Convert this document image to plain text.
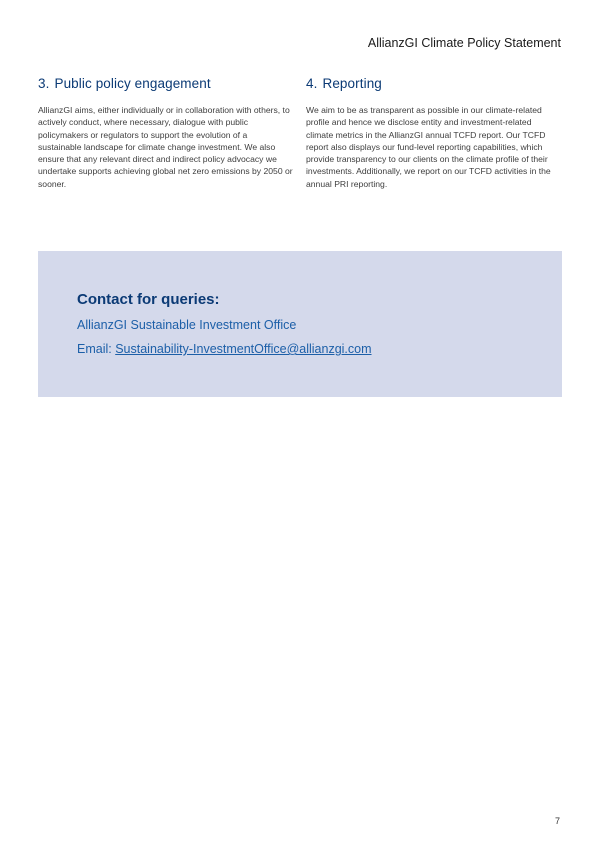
AllianzGI Climate Policy Statement
3. Public policy engagement

AllianzGI aims, either individually or in collaboration with others, to actively conduct, where necessary, dialogue with public policymakers or regulators to support the evolution of a sustainable landscape for climate change investment. We also ensure that any relevant direct and indirect policy advocacy we undertake supports achieving global net zero emissions by 2050 or sooner.

4. Reporting

We aim to be as transparent as possible in our climate-related profile and hence we disclose entity and investment-related climate metrics in the AllianzGI annual TCFD report. Our TCFD report also displays our fund-level reporting capabilities, which provide transparency to our clients on the climate profile of their investments. Additionally, we report on our TCFD activities in the annual PRI reporting.

Contact for queries:
AllianzGI Sustainable Investment Office
Email: Sustainability-InvestmentOffice@allianzgi.com
7
